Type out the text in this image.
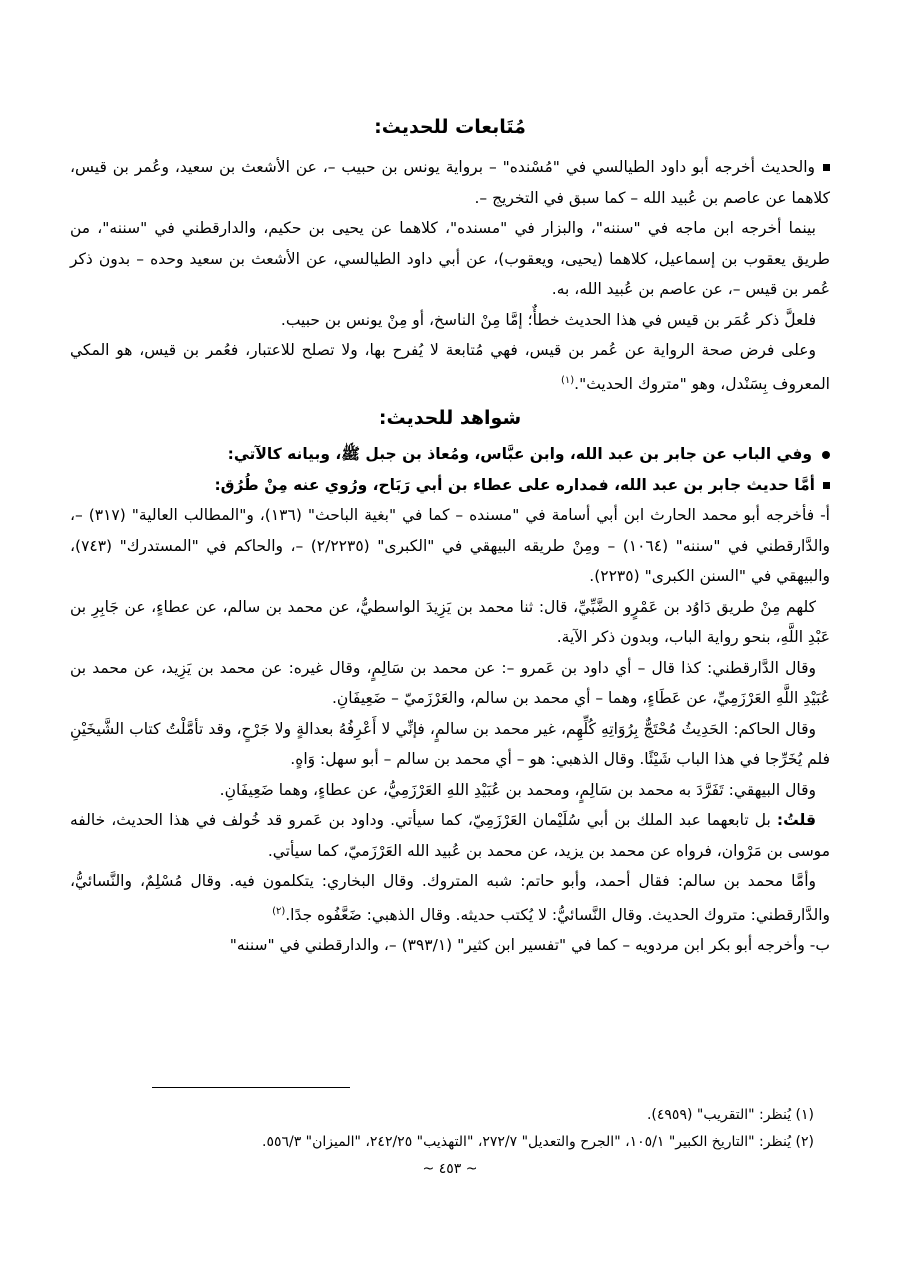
مُتَابعات للحديث:

والحديث أخرجه أبو داود الطيالسي في "مُسْنده" – برواية يونس بن حبيب –، عن الأشعث بن سعيد، وعُمر بن قيس، كلاهما عن عاصم بن عُبيد الله – كما سبق في التخريج –.

بينما أخرجه ابن ماجه في "سننه"، والبزار في "مسنده"، كلاهما عن يحيى بن حكيم، والدارقطني في "سننه"، من طريق يعقوب بن إسماعيل، كلاهما (يحيى، ويعقوب)، عن أبي داود الطيالسي، عن الأشعث بن سعيد وحده – بدون ذكر عُمر بن قيس –، عن عاصم بن عُبيد الله، به.

فلعلَّ ذكر عُمَر بن قيس في هذا الحديث خطأٌ؛ إمَّا مِنْ الناسخ، أو مِنْ يونس بن حبيب.

وعلى فرض صحة الرواية عن عُمر بن قيس، فهي مُتابعة لا يُفرح بها، ولا تصلح للاعتبار، فعُمر بن قيس، هو المكي المعروف بِسَنْدل، وهو "متروك الحديث".$^{(١)}$

شواهد للحديث:

وفي الباب عن جابر بن عبد الله، وابن عبَّاس، ومُعاذ بن جبل ﷺ، وبيانه كالآتي:

أمَّا حديث جابر بن عبد الله، فمداره على عطاء بن أبي رَبَاح، ورُوي عنه مِنْ طُرُق:

أ- فأخرجه أبو محمد الحارث ابن أبي أسامة في "مسنده – كما في "بغية الباحث" (١٣٦)، و"المطالب العالية" (٣١٧) –، والدَّارقطني في "سننه" (١٠٦٤) – ومِنْ طريقه البيهقي في "الكبرى" (٢/٢٢٣٥) –، والحاكم في "المستدرك" (٧٤٣)، والبيهقي في "السنن الكبرى" (٢٢٣٥).

كلهم مِنْ طريق دَاوُد بن عَمْرٍو الضَّبِّيِّ، قال: ثنا محمد بن يَزِيدَ الواسطيُّ، عن محمد بن سالم، عن عطاءٍ، عن جَابِرِ بن عَبْدِ اللَّهِ، بنحو رواية الباب، وبدون ذكر الآية.

وقال الدَّارقطني: كذا قال – أي داود بن عَمرو –: عن محمد بن سَالِمٍ، وقال غيره: عن محمد بن يَزِيد، عن محمد بن عُبَيْدِ اللَّهِ العَرْزَمِيِّ، عن عَطَاءٍ، وهما – أي محمد بن سالم، والعَرْزَميّ – ضَعِيفَانِ.

وقال الحاكم: الحَدِيثُ مُحْتَجٌّ بِرُوَاتِهِ كُلِّهِم، غير محمد بن سالمٍ، فإنِّي لا أَعْرِفُهُ بعدالةٍ ولا جَرْحٍ، وقد تأمَّلْتُ كتاب الشَّيخَيْنِ فلم يُخَرِّجا في هذا الباب شَيْئًا. وقال الذهبي: هو – أي محمد بن سالم – أبو سهل: وَاهٍ.

وقال البيهقي: تَفَرَّدَ به محمد بن سَالِمٍ، ومحمد بن عُبَيْدِ اللهِ العَرْزَمِيُّ، عن عطاءٍ، وهما ضَعِيفَانِ.

قلتُ: بل تابعهما عبد الملك بن أبي سُلَيْمان العَرْزَمِيّ، كما سيأتي. وداود بن عَمرو قد خُولف في هذا الحديث، خالفه موسى بن مَرْوان، فرواه عن محمد بن يزيد، عن محمد بن عُبيد الله العَرْزَميّ، كما سيأتي.

وأمَّا محمد بن سالم: فقال أحمد، وأبو حاتم: شبه المتروك. وقال البخاري: يتكلمون فيه. وقال مُسْلِمٌ، والنَّسائيُّ، والدَّارقطني: متروك الحديث. وقال النَّسائيُّ: لا يُكتب حديثه. وقال الذهبي: ضَعَّفُوه جدًا.$^{(٢)}$

ب- وأخرجه أبو بكر ابن مردويه – كما في "تفسير ابن كثير" (٣٩٣/١) –، والدارقطني في "سننه"

(١) يُنظر: "التقريب" (٤٩٥٩).

(٢) يُنظر: "التاريخ الكبير" ١٠٥/١، "الجرح والتعديل" ٢٧٢/٧، "التهذيب" ٢٤٢/٢٥، "الميزان" ٥٥٦/٣.

~ ٤٥٣ ~
